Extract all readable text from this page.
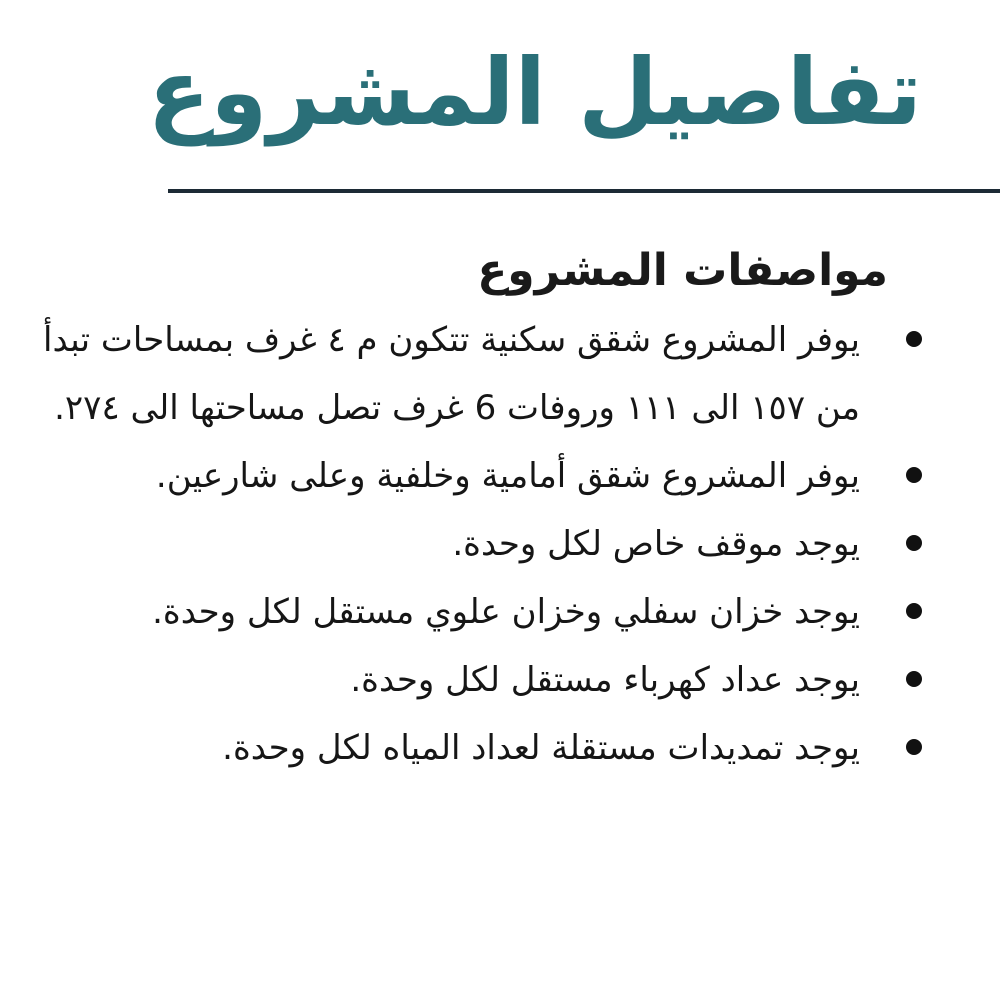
تفاصيل المشروع
مواصفات المشروع
يوفر المشروع شقق سكنية تتكون م ٤ غرف بمساحات تبدأ من ١٥٧ الى ١١١ وروفات 6 غرف تصل مساحتها الى ٢٧٤.
يوفر المشروع شقق أمامية وخلفية وعلى شارعين.
يوجد موقف خاص لكل وحدة.
يوجد خزان سفلي وخزان علوي مستقل لكل وحدة.
يوجد عداد كهرباء مستقل لكل وحدة.
يوجد تمديدات مستقلة لعداد المياه لكل وحدة.
